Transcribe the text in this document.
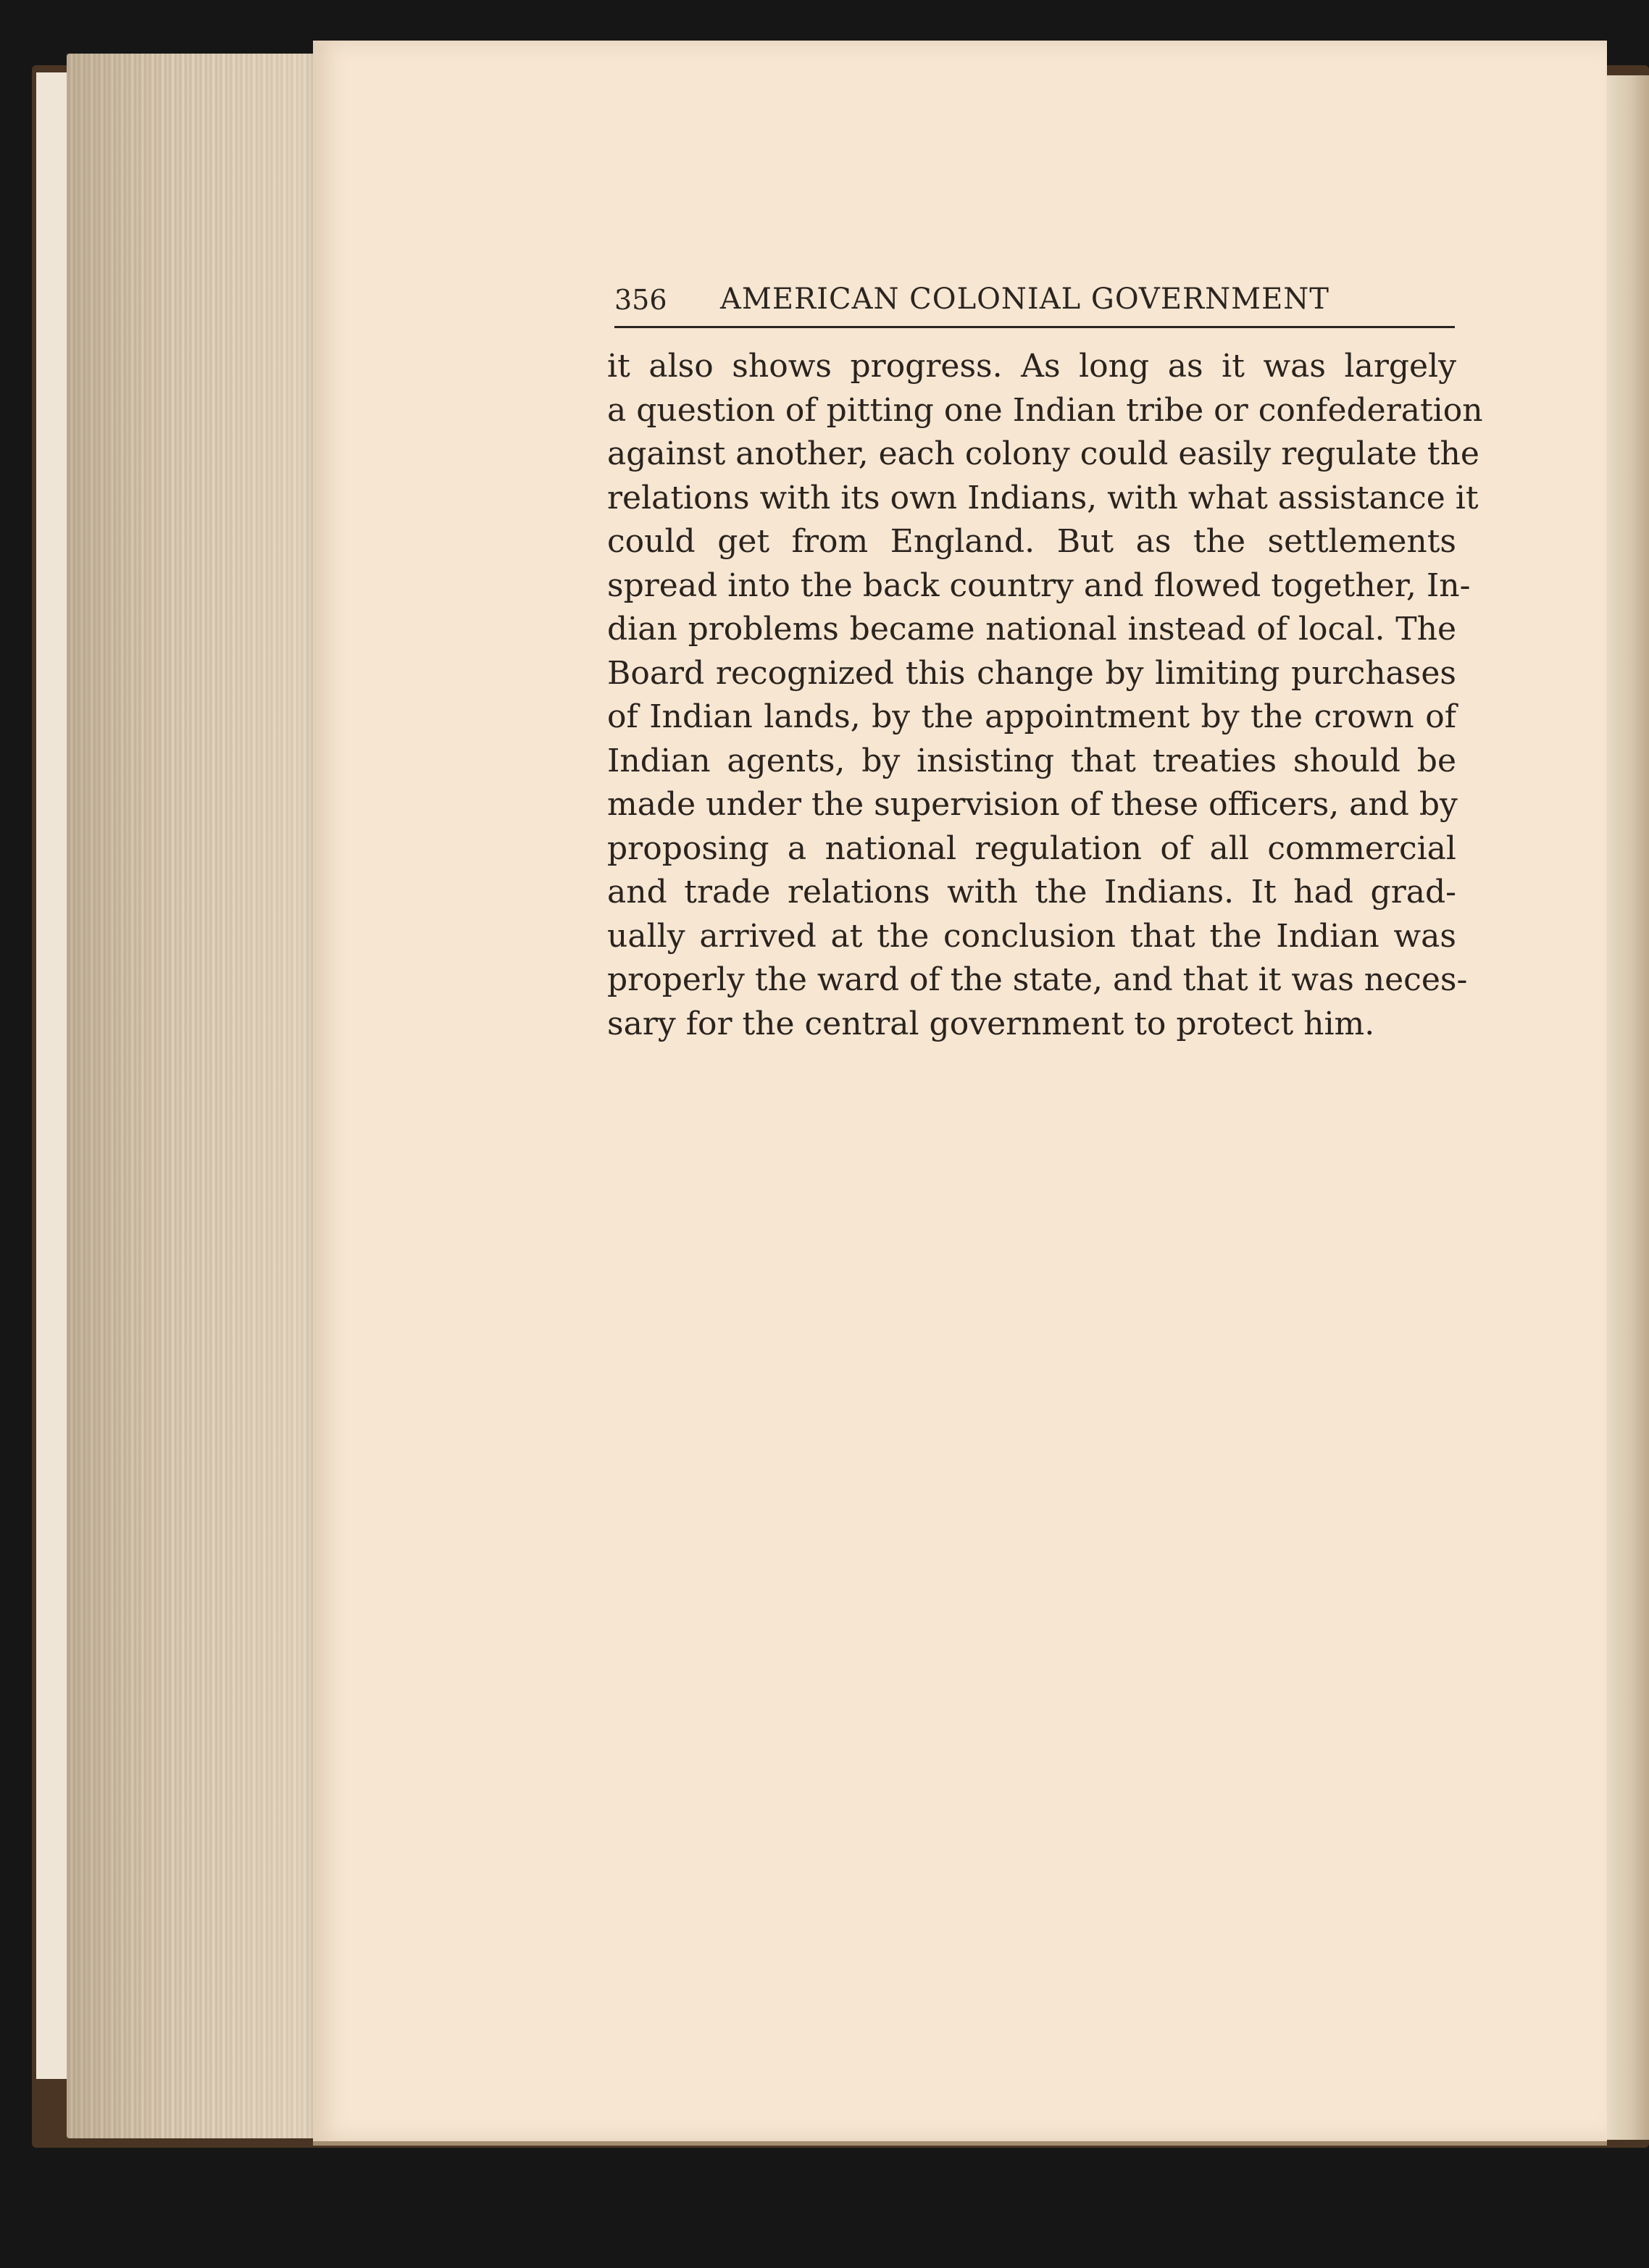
356 AMERICAN COLONIAL GOVERNMENT
it also shows progress. As long as it was largely
a question of pitting one Indian tribe or confederation
against another, each colony could easily regulate the
relations with its own Indians, with what assistance it
could get from England. But as the settlements
spread into the back country and flowed together, In-
dian problems became national instead of local. The
Board recognized this change by limiting purchases
of Indian lands, by the appointment by the crown of
Indian agents, by insisting that treaties should be
made under the supervision of these officers, and by
proposing a national regulation of all commercial
and trade relations with the Indians. It had grad-
ually arrived at the conclusion that the Indian was
properly the ward of the state, and that it was neces-
sary for the central government to protect him.
